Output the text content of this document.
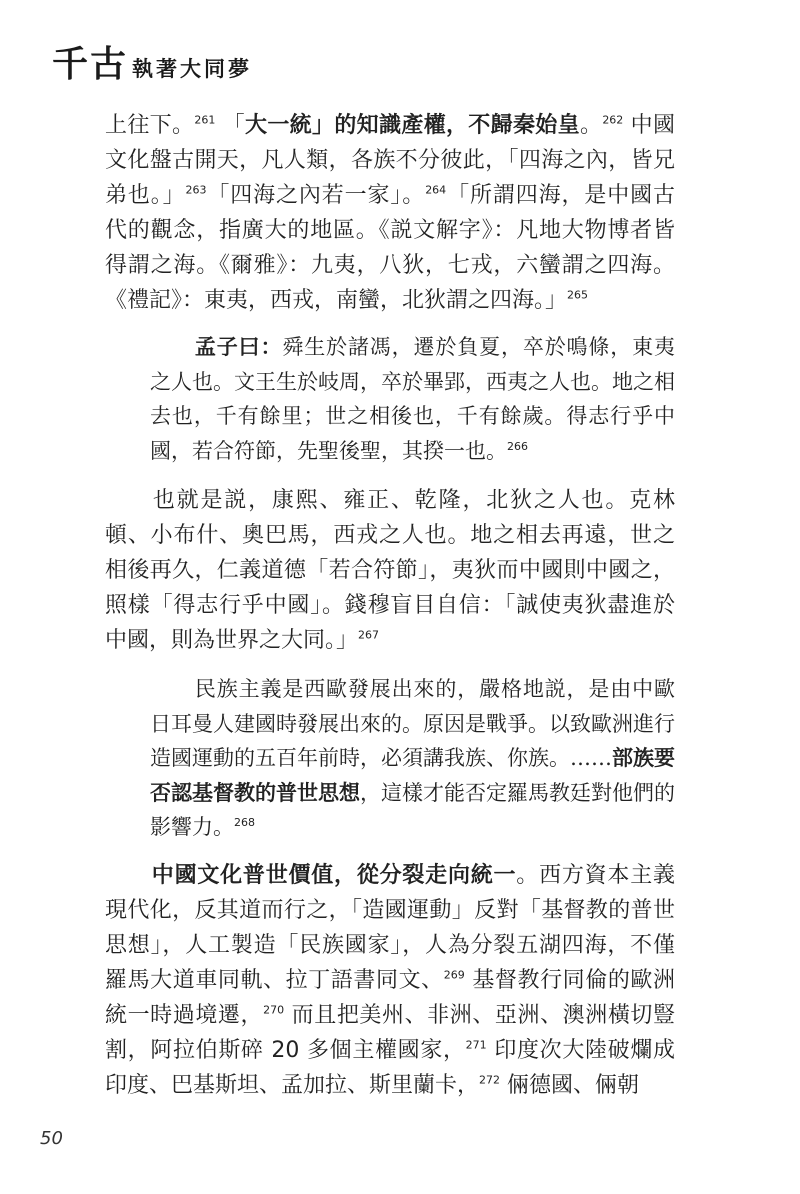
千古 執著大同夢
上往下。$^{261}$ 「大一統」的知識產權，不歸秦始皇。$^{262}$ 中國文化盤古開天，凡人類，各族不分彼此，「四海之內，皆兄弟也。」$^{263}$「四海之內若一家」。$^{264}$「所謂四海，是中國古代的觀念，指廣大的地區。《説文解字》：凡地大物博者皆得謂之海。《爾雅》：九夷，八狄，七戎，六蠻謂之四海。《禮記》：東夷，西戎，南蠻，北狄謂之四海。」$^{265}$
孟子曰：舜生於諸馮，遷於負夏，卒於鳴條，東夷之人也。文王生於岐周，卒於畢郢，西夷之人也。地之相去也，千有餘里；世之相後也，千有餘歲。得志行乎中國，若合符節，先聖後聖，其揆一也。$^{266}$
也就是説，康熙、雍正、乾隆，北狄之人也。克林頓、小布什、奧巴馬，西戎之人也。地之相去再遠，世之相後再久，仁義道德「若合符節」，夷狄而中國則中國之，照樣「得志行乎中國」。錢穆盲目自信：「誠使夷狄盡進於中國，則為世界之大同。」$^{267}$
民族主義是西歐發展出來的，嚴格地説，是由中歐日耳曼人建國時發展出來的。原因是戰爭。以致歐洲進行造國運動的五百年前時，必須講我族、你族。……部族要否認基督教的普世思想，這樣才能否定羅馬教廷對他們的影響力。$^{268}$
中國文化普世價值，從分裂走向統一。西方資本主義現代化，反其道而行之，「造國運動」反對「基督教的普世思想」，人工製造「民族國家」，人為分裂五湖四海，不僅羅馬大道車同軌、拉丁語書同文、$^{269}$ 基督教行同倫的歐洲統一時過境遷，$^{270}$ 而且把美州、非洲、亞洲、澳洲橫切豎割，阿拉伯斯碎 20 多個主權國家，$^{271}$ 印度次大陸破爛成印度、巴基斯坦、孟加拉、斯里蘭卡，$^{272}$ 倆德國、倆朝
50
